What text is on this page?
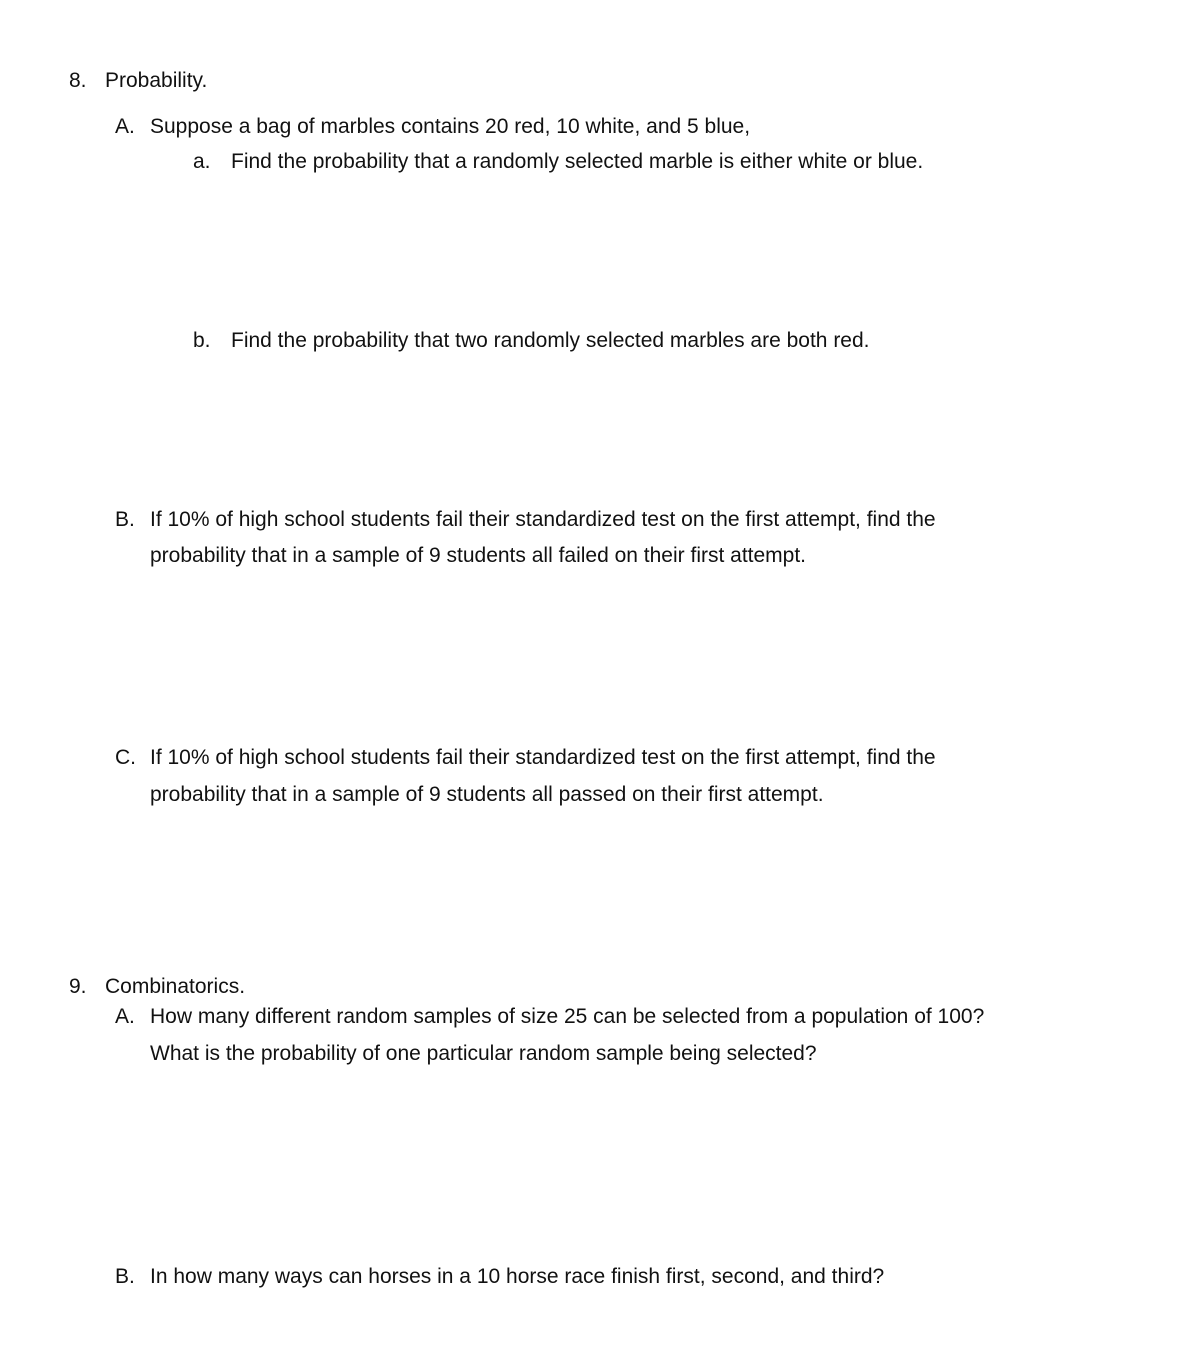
8. Probability.
A. Suppose a bag of marbles contains 20 red, 10 white, and 5 blue,
a. Find the probability that a randomly selected marble is either white or blue.
b. Find the probability that two randomly selected marbles are both red.
B. If 10% of high school students fail their standardized test on the first attempt, find the
probability that in a sample of 9 students all failed on their first attempt.
C. If 10% of high school students fail their standardized test on the first attempt, find the
probability that in a sample of 9 students all passed on their first attempt.
9. Combinatorics.
A. How many different random samples of size 25 can be selected from a population of 100?
What is the probability of one particular random sample being selected?
B. In how many ways can horses in a 10 horse race finish first, second, and third?
